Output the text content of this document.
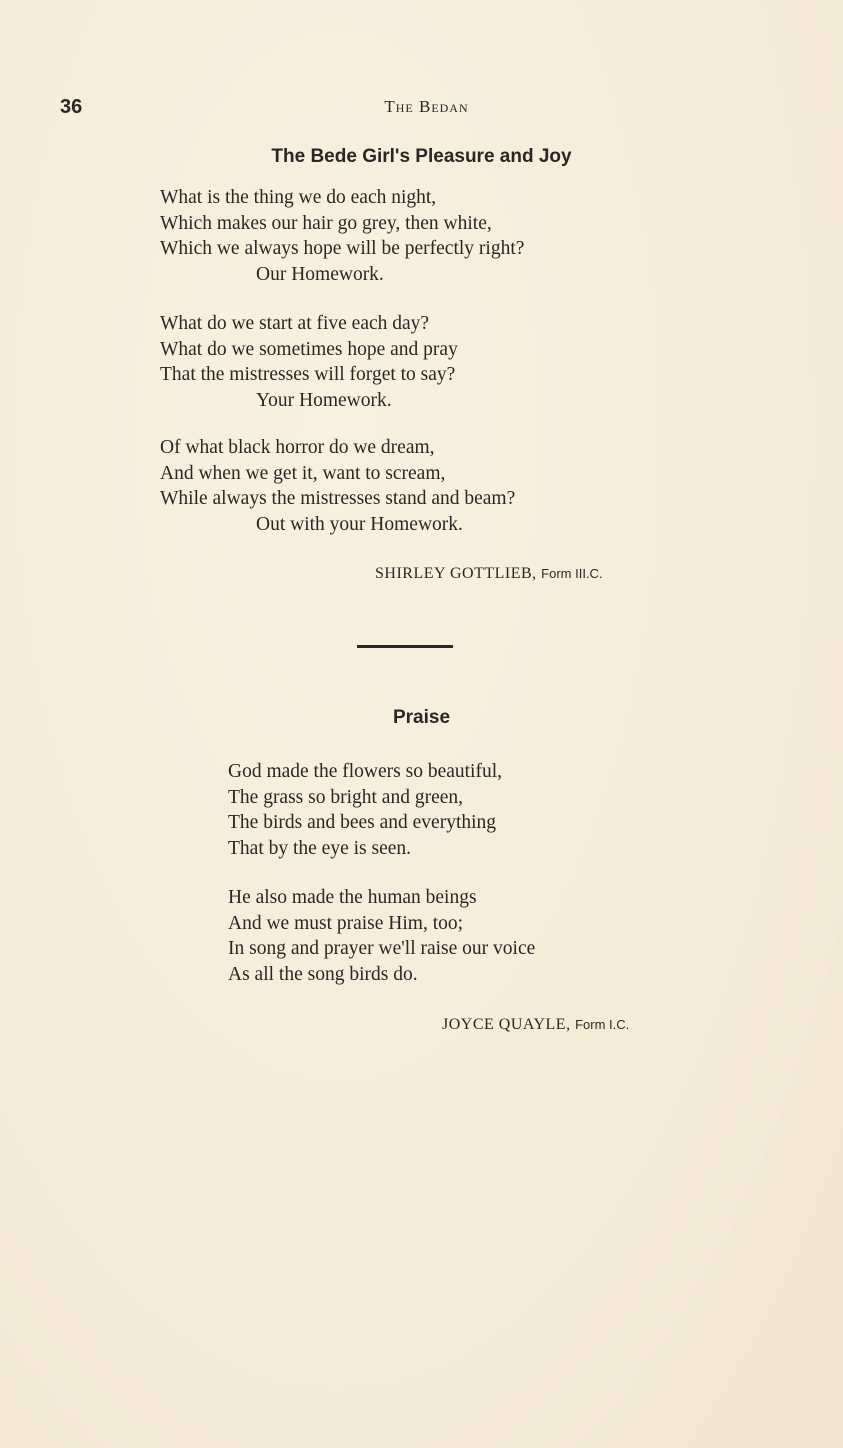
36	The Bedan
The Bede Girl's Pleasure and Joy
What is the thing we do each night,
Which makes our hair go grey, then white,
Which we always hope will be perfectly right?
Our Homework.
What do we start at five each day?
What do we sometimes hope and pray
That the mistresses will forget to say?
Your Homework.
Of what black horror do we dream,
And when we get it, want to scream,
While always the mistresses stand and beam?
Out with your Homework.
SHIRLEY GOTTLIEB, Form III.C.
Praise
God made the flowers so beautiful,
The grass so bright and green,
The birds and bees and everything
That by the eye is seen.
He also made the human beings
And we must praise Him, too;
In song and prayer we'll raise our voice
As all the song birds do.
JOYCE QUAYLE, Form I.C.
